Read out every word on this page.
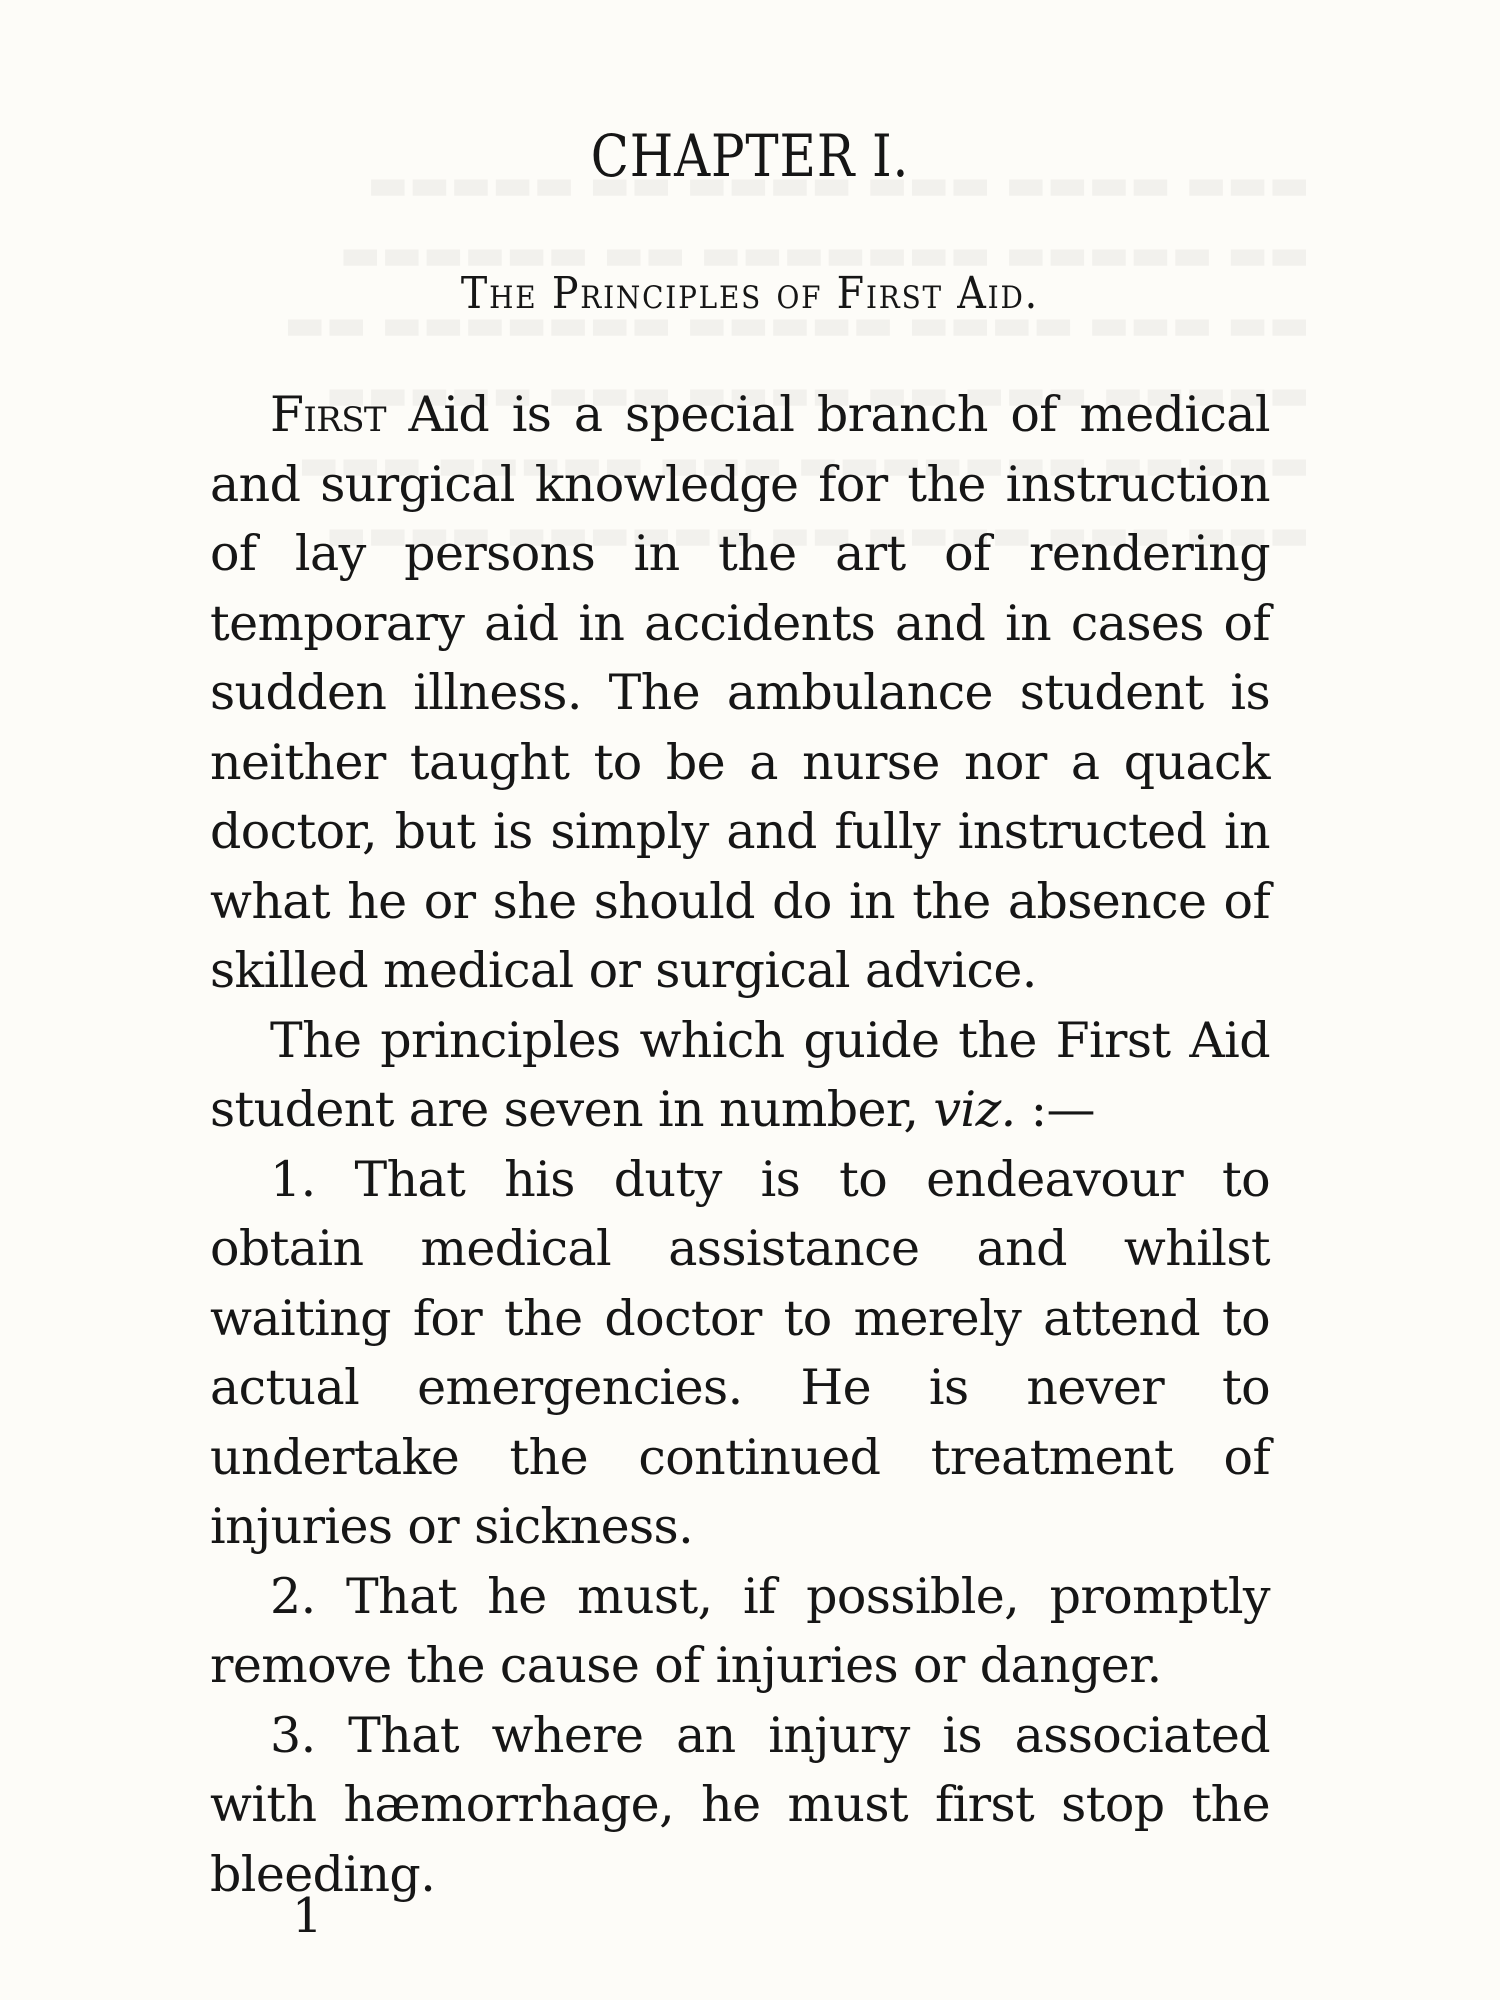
CHAPTER I.
The Principles of First Aid.

First Aid is a special branch of medical and surgical knowledge for the instruction of lay persons in the art of rendering temporary aid in accidents and in cases of sudden illness. The ambulance student is neither taught to be a nurse nor a quack doctor, but is simply and fully instructed in what he or she should do in the absence of skilled medical or surgical advice.

The principles which guide the First Aid student are seven in number, viz. :—

1. That his duty is to endeavour to obtain medical assistance and whilst waiting for the doctor to merely attend to actual emergencies. He is never to undertake the continued treatment of injuries or sickness.

2. That he must, if possible, promptly remove the cause of injuries or danger.

3. That where an injury is associated with hæmorrhage, he must first stop the bleeding.

1
